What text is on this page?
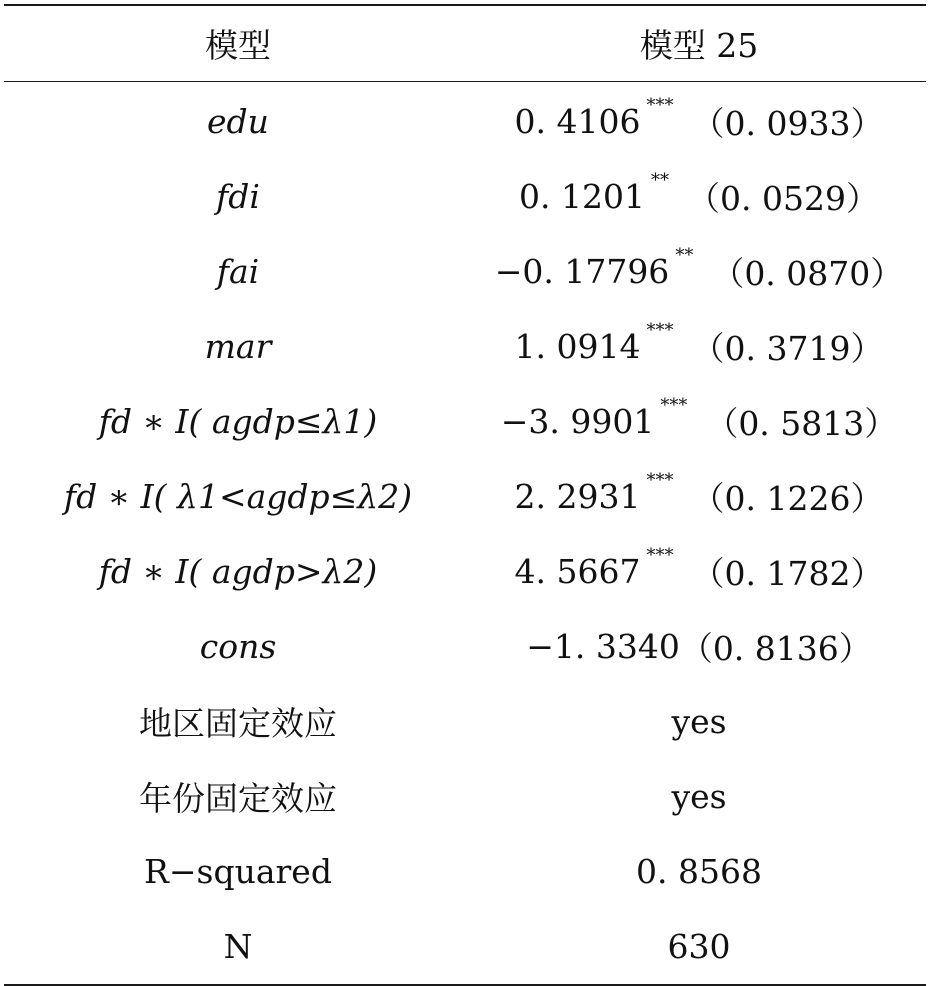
模型	模型 25
edu	0. 4106 *** （0. 0933）
fdi	0. 1201 ** （0. 0529）
fai	−0. 17796 ** （0. 0870）
mar	1. 0914 *** （0. 3719）
fd ∗ I( agdp≤λ1)	−3. 9901 *** （0. 5813）
fd ∗ I( λ1<agdp≤λ2)	2. 2931 *** （0. 1226）
fd ∗ I( agdp>λ2)	4. 5667 *** （0. 1782）
cons	−1. 3340 （0. 8136）
地区固定效应	yes
年份固定效应	yes
R−squared	0. 8568
N	630
